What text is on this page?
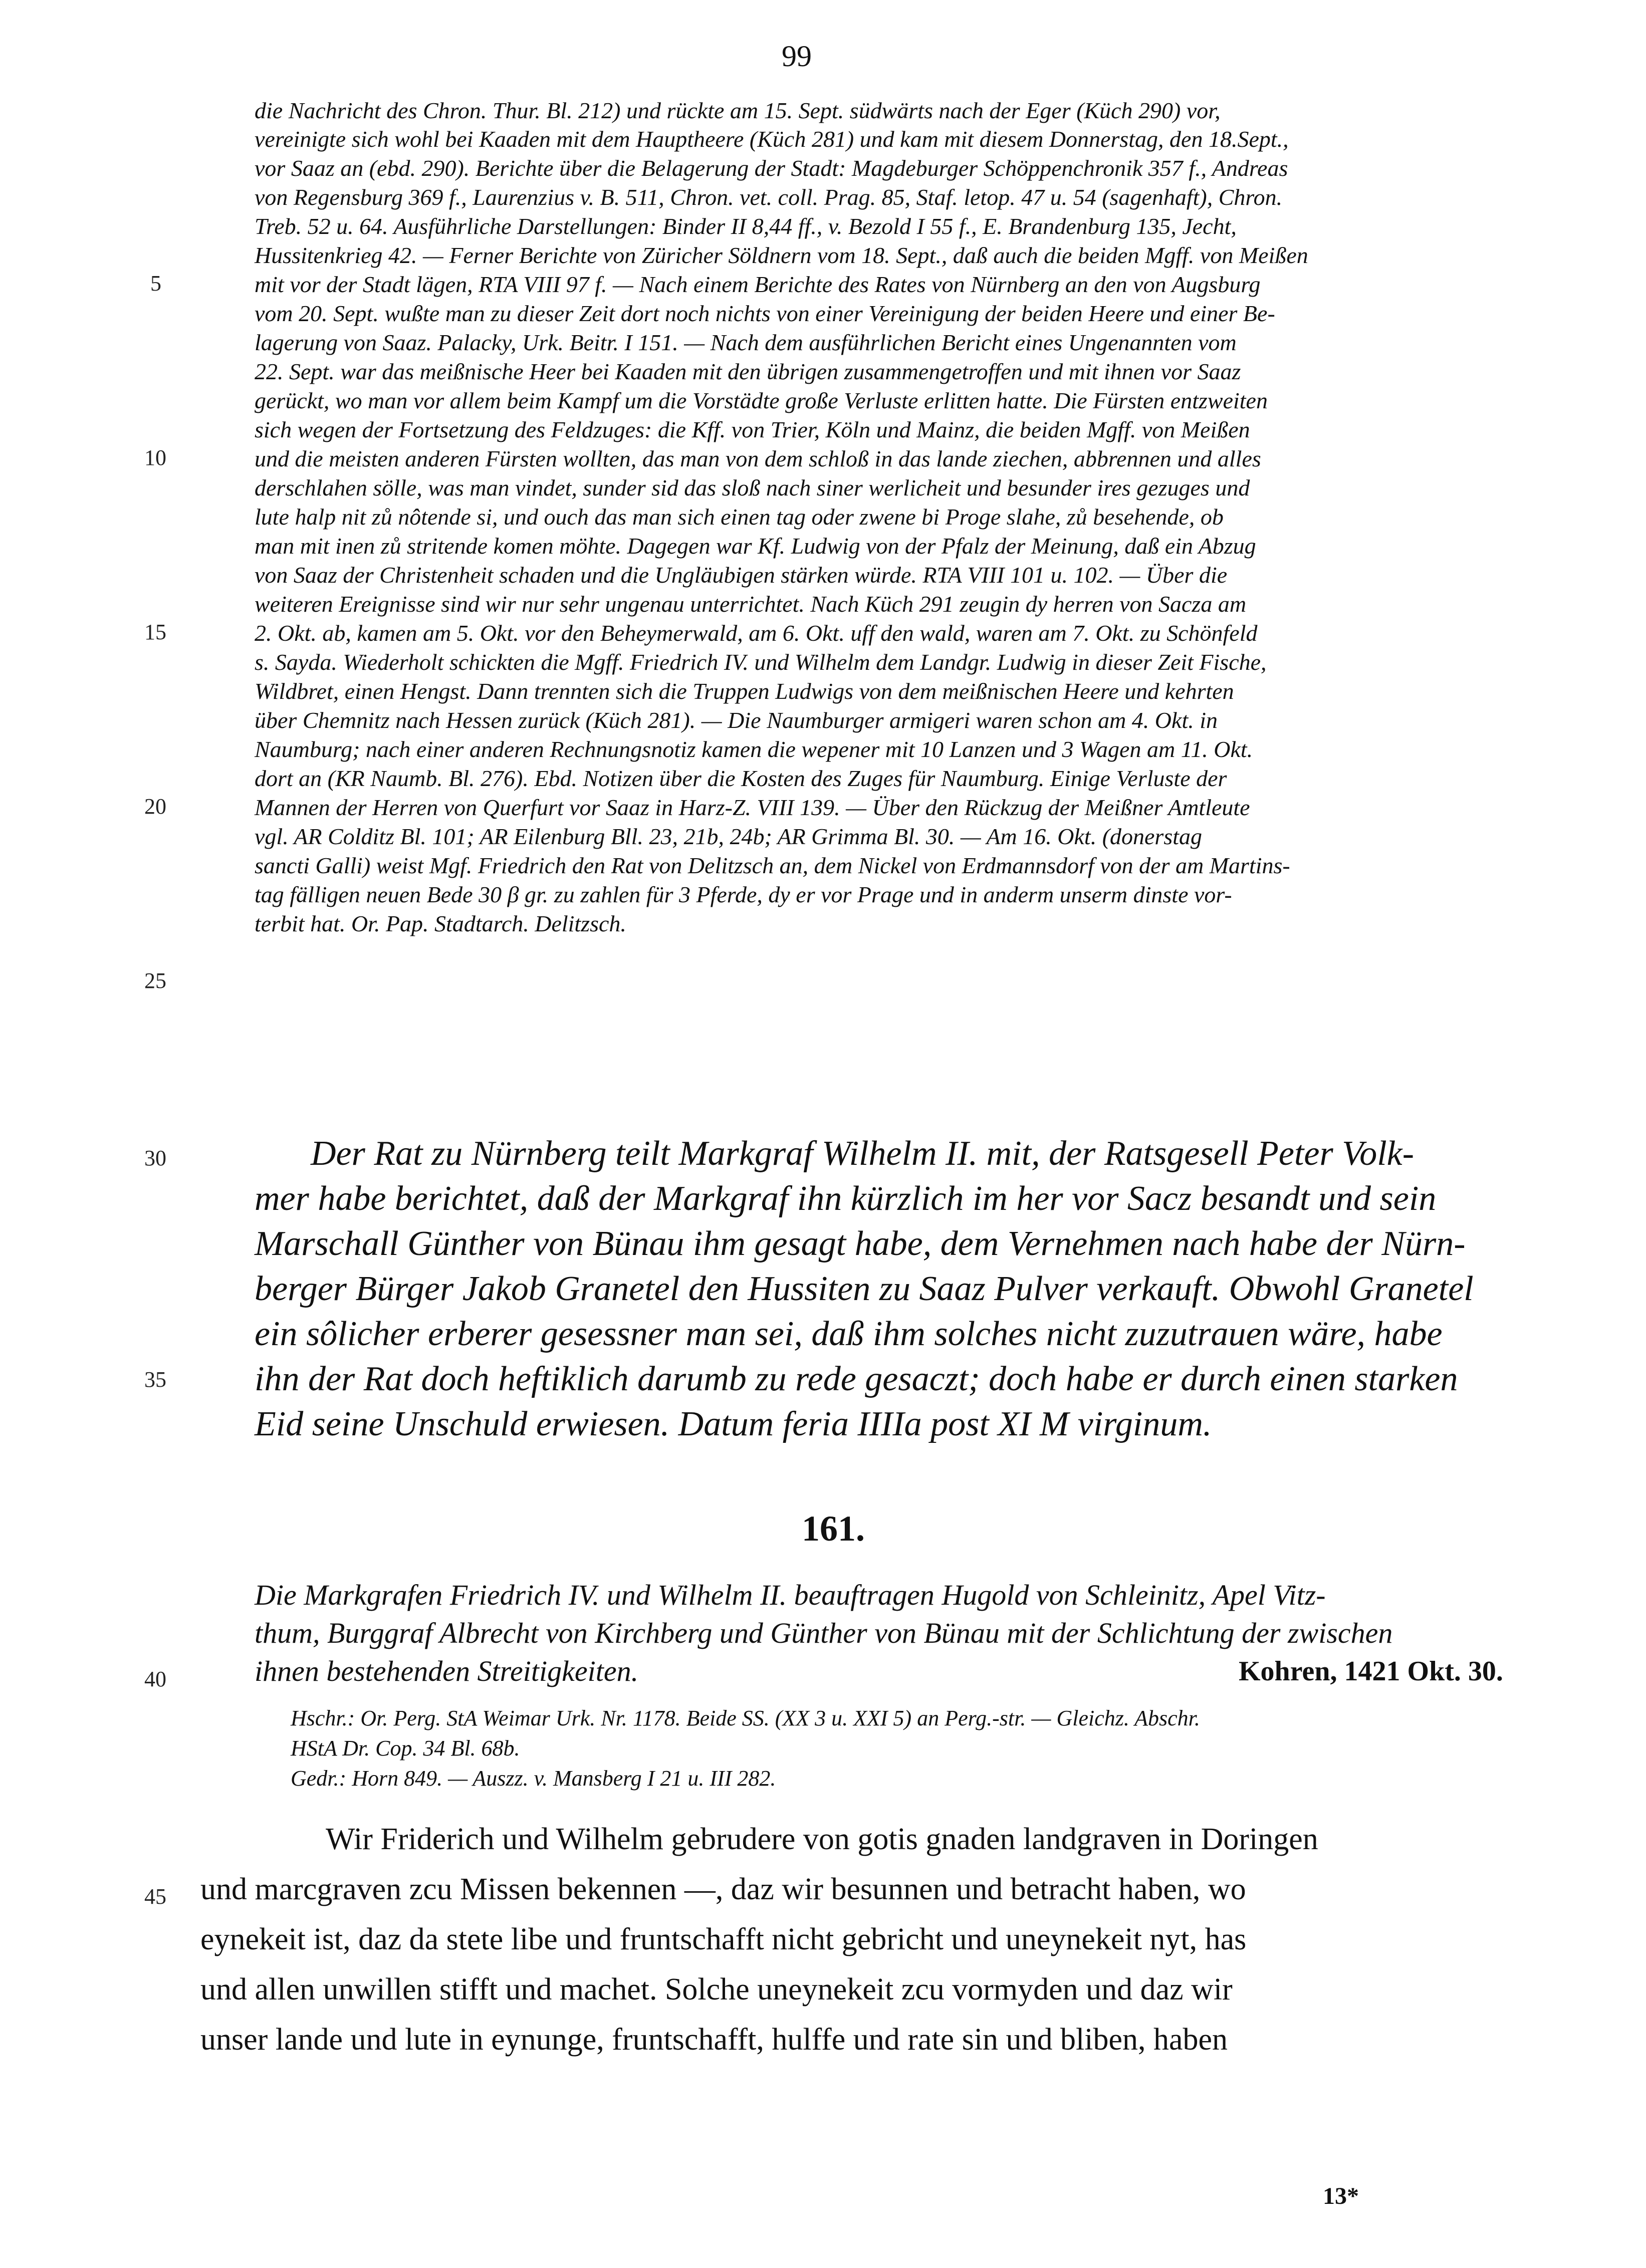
99
5
10
15
20
25
30
35
40
45
die Nachricht des Chron. Thur. Bl. 212) und rückte am 15. Sept. südwärts nach der Eger (Küch 290) vor,
vereinigte sich wohl bei Kaaden mit dem Hauptheere (Küch 281) und kam mit diesem Donnerstag, den 18.Sept.,
vor Saaz an (ebd. 290). Berichte über die Belagerung der Stadt: Magdeburger Schöppenchronik 357 f., Andreas
von Regensburg 369 f., Laurenzius v. B. 511, Chron. vet. coll. Prag. 85, Staf. letop. 47 u. 54 (sagenhaft), Chron.
Treb. 52 u. 64. Ausführliche Darstellungen: Binder II 8,44 ff., v. Bezold I 55 f., E. Brandenburg 135, Jecht,
Hussitenkrieg 42. — Ferner Berichte von Züricher Söldnern vom 18. Sept., daß auch die beiden Mgff. von Meißen
mit vor der Stadt lägen, RTA VIII 97 f. — Nach einem Berichte des Rates von Nürnberg an den von Augsburg
vom 20. Sept. wußte man zu dieser Zeit dort noch nichts von einer Vereinigung der beiden Heere und einer Be-
lagerung von Saaz. Palacky, Urk. Beitr. I 151. — Nach dem ausführlichen Bericht eines Ungenannten vom
22. Sept. war das meißnische Heer bei Kaaden mit den übrigen zusammengetroffen und mit ihnen vor Saaz
gerückt, wo man vor allem beim Kampf um die Vorstädte große Verluste erlitten hatte. Die Fürsten entzweiten
sich wegen der Fortsetzung des Feldzuges: die Kff. von Trier, Köln und Mainz, die beiden Mgff. von Meißen
und die meisten anderen Fürsten wollten, das man von dem schloß in das lande ziechen, abbrennen und alles
derschlahen sölle, was man vindet, sunder sid das sloß nach siner werlicheit und besunder ires gezuges und
lute halp nit zů nôtende si, und ouch das man sich einen tag oder zwene bi Proge slahe, zů besehende, ob
man mit inen zů stritende komen möhte. Dagegen war Kf. Ludwig von der Pfalz der Meinung, daß ein Abzug
von Saaz der Christenheit schaden und die Ungläubigen stärken würde. RTA VIII 101 u. 102. — Über die
weiteren Ereignisse sind wir nur sehr ungenau unterrichtet. Nach Küch 291 zeugin dy herren von Sacza am
2. Okt. ab, kamen am 5. Okt. vor den Beheymerwald, am 6. Okt. uff den wald, waren am 7. Okt. zu Schönfeld
s. Sayda. Wiederholt schickten die Mgff. Friedrich IV. und Wilhelm dem Landgr. Ludwig in dieser Zeit Fische,
Wildbret, einen Hengst. Dann trennten sich die Truppen Ludwigs von dem meißnischen Heere und kehrten
über Chemnitz nach Hessen zurück (Küch 281). — Die Naumburger armigeri waren schon am 4. Okt. in
Naumburg; nach einer anderen Rechnungsnotiz kamen die wepener mit 10 Lanzen und 3 Wagen am 11. Okt.
dort an (KR Naumb. Bl. 276). Ebd. Notizen über die Kosten des Zuges für Naumburg. Einige Verluste der
Mannen der Herren von Querfurt vor Saaz in Harz-Z. VIII 139. — Über den Rückzug der Meißner Amtleute
vgl. AR Colditz Bl. 101; AR Eilenburg Bll. 23, 21b, 24b; AR Grimma Bl. 30. — Am 16. Okt. (donerstag
sancti Galli) weist Mgf. Friedrich den Rat von Delitzsch an, dem Nickel von Erdmannsdorf von der am Martins-
tag fälligen neuen Bede 30 β gr. zu zahlen für 3 Pferde, dy er vor Prage und in anderm unserm dinste vor-
terbit hat. Or. Pap. Stadtarch. Delitzsch.
Der Rat zu Nürnberg teilt Markgraf Wilhelm II. mit, der Ratsgesell Peter Volk-
mer habe berichtet, daß der Markgraf ihn kürzlich im her vor Sacz besandt und sein
Marschall Günther von Bünau ihm gesagt habe, dem Vernehmen nach habe der Nürn-
berger Bürger Jakob Granetel den Hussiten zu Saaz Pulver verkauft. Obwohl Granetel
ein sôlicher erberer gesessner man sei, daß ihm solches nicht zuzutrauen wäre, habe
ihn der Rat doch heftiklich darumb zu rede gesaczt; doch habe er durch einen starken
Eid seine Unschuld erwiesen. Datum feria IIIIa post XI M virginum.
161.
Die Markgrafen Friedrich IV. und Wilhelm II. beauftragen Hugold von Schleinitz, Apel Vitz-
thum, Burggraf Albrecht von Kirchberg und Günther von Bünau mit der Schlichtung der zwischen
ihnen bestehenden Streitigkeiten.	Kohren, 1421 Okt. 30.
Hschr.: Or. Perg. StA Weimar Urk. Nr. 1178. Beide SS. (XX 3 u. XXI 5) an Perg.-str. — Gleichz. Abschr.
HStA Dr. Cop. 34 Bl. 68b.
Gedr.: Horn 849. — Auszz. v. Mansberg I 21 u. III 282.
Wir Friderich und Wilhelm gebrudere von gotis gnaden landgraven in Doringen
und marcgraven zcu Missen bekennen —, daz wir besunnen und betracht haben, wo
eynekeit ist, daz da stete libe und fruntschafft nicht gebricht und uneynekeit nyt, has
und allen unwillen stifft und machet. Solche uneynekeit zcu vormyden und daz wir
unser lande und lute in eynunge, fruntschafft, hulffe und rate sin und bliben, haben
13*
